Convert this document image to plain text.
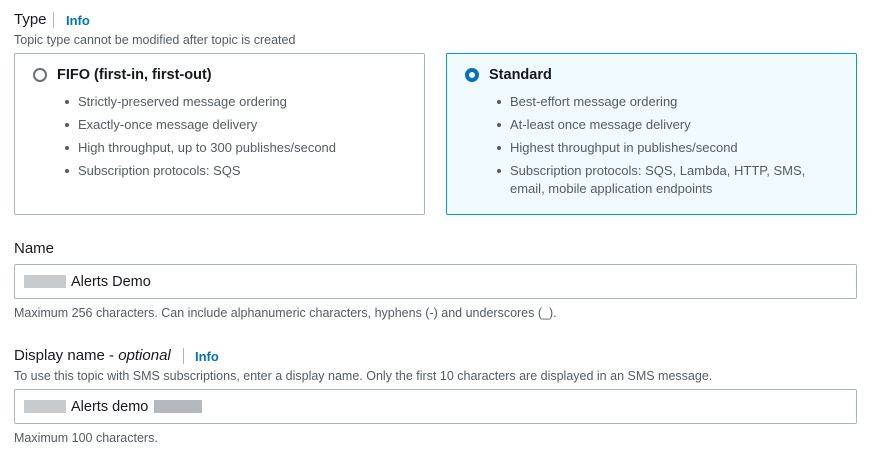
Type Info
Topic type cannot be modified after topic is created
FIFO (first-in, first-out)
Strictly-preserved message ordering
Exactly-once message delivery
High throughput, up to 300 publishes/second
Subscription protocols: SQS
Standard
Best-effort message ordering
At-least once message delivery
Highest throughput in publishes/second
Subscription protocols: SQS, Lambda, HTTP, SMS, email, mobile application endpoints
Name
Alerts Demo
Maximum 256 characters. Can include alphanumeric characters, hyphens (-) and underscores (_).
Display name - optional Info
To use this topic with SMS subscriptions, enter a display name. Only the first 10 characters are displayed in an SMS message.
Alerts demo
Maximum 100 characters.
